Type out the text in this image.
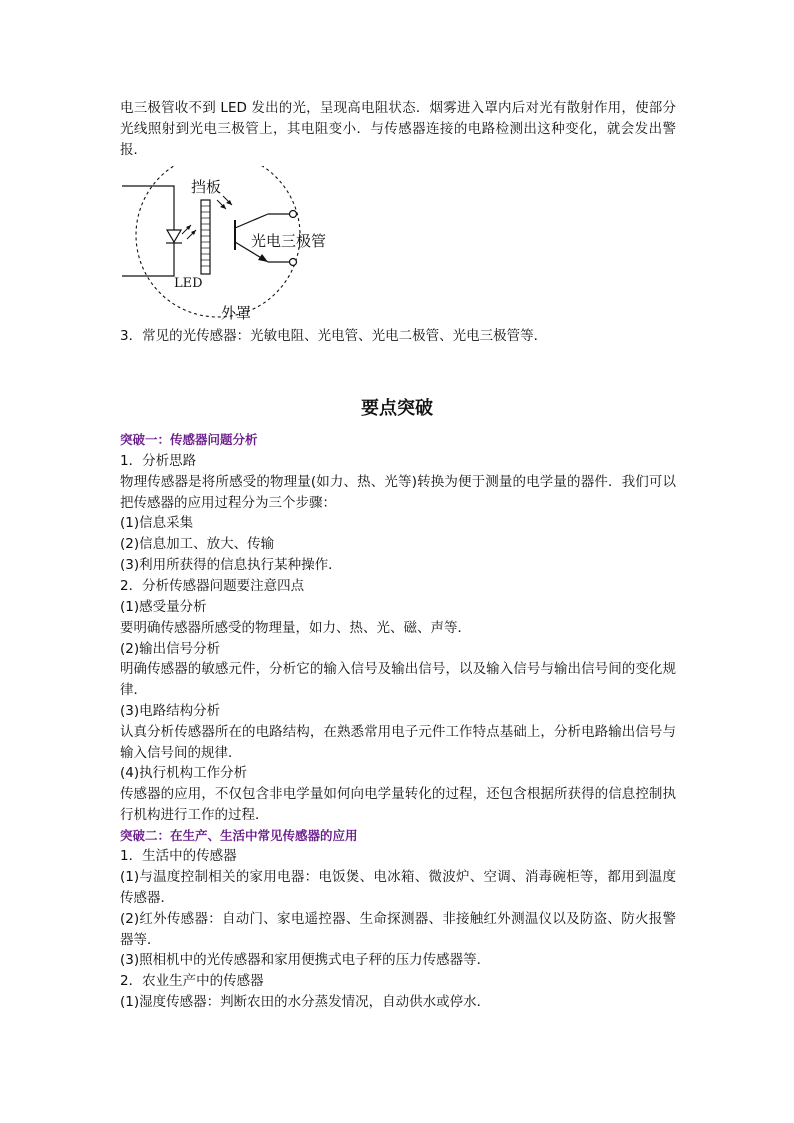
电三极管收不到 LED 发出的光，呈现高电阻状态．烟雾进入罩内后对光有散射作用，使部分光线照射到光电三极管上，其电阻变小．与传感器连接的电路检测出这种变化，就会发出警报．

挡板
光电三极管
LED
外罩

3．常见的光传感器：光敏电阻、光电管、光电二极管、光电三极管等．

要点突破

突破一：传感器问题分析

1．分析思路

物理传感器是将所感受的物理量(如力、热、光等)转换为便于测量的电学量的器件．我们可以把传感器的应用过程分为三个步骤：

(1)信息采集

(2)信息加工、放大、传输

(3)利用所获得的信息执行某种操作．

2．分析传感器问题要注意四点

(1)感受量分析

要明确传感器所感受的物理量，如力、热、光、磁、声等．

(2)输出信号分析

明确传感器的敏感元件，分析它的输入信号及输出信号，以及输入信号与输出信号间的变化规律．

(3)电路结构分析

认真分析传感器所在的电路结构，在熟悉常用电子元件工作特点基础上，分析电路输出信号与输入信号间的规律．

(4)执行机构工作分析

传感器的应用，不仅包含非电学量如何向电学量转化的过程，还包含根据所获得的信息控制执行机构进行工作的过程．

突破二：在生产、生活中常见传感器的应用

1．生活中的传感器

(1)与温度控制相关的家用电器：电饭煲、电冰箱、微波炉、空调、消毒碗柜等，都用到温度传感器．

(2)红外传感器：自动门、家电遥控器、生命探测器、非接触红外测温仪以及防盗、防火报警器等．

(3)照相机中的光传感器和家用便携式电子秤的压力传感器等．

2．农业生产中的传感器

(1)湿度传感器：判断农田的水分蒸发情况，自动供水或停水．
